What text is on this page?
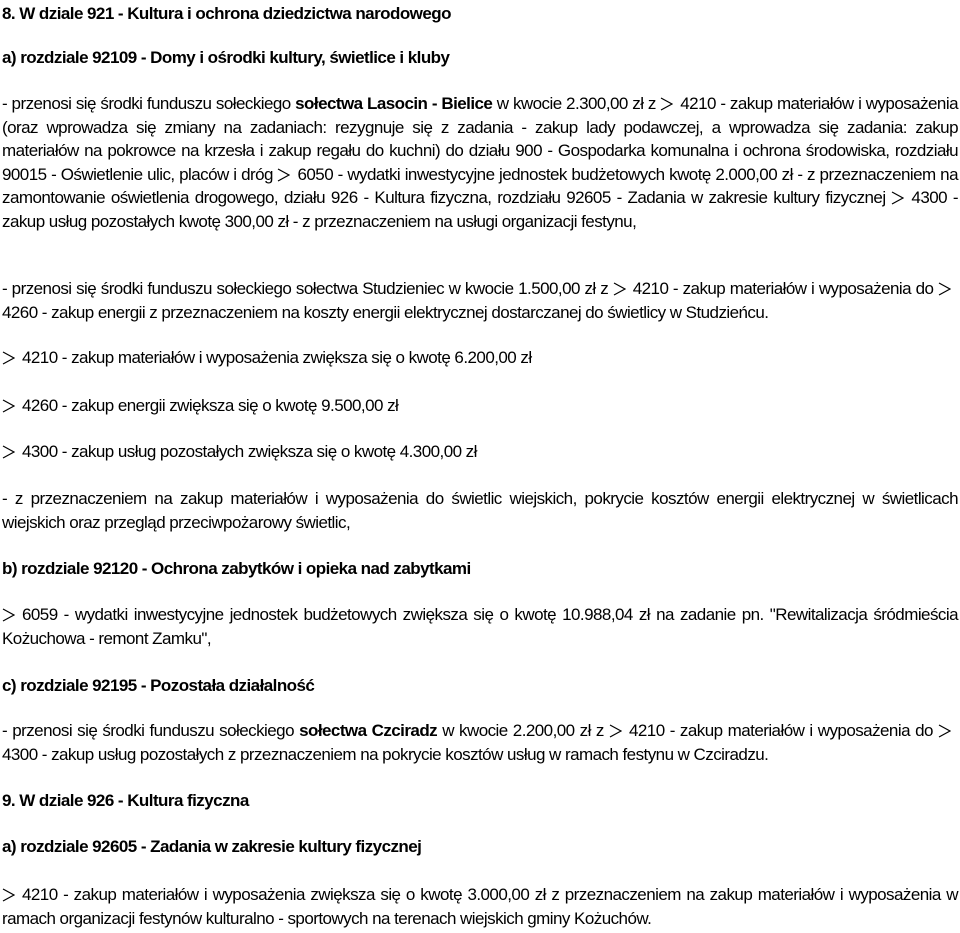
8. W dziale 921 - Kultura i ochrona dziedzictwa narodowego

a) rozdziale 92109 - Domy i ośrodki kultury, świetlice i kluby

- przenosi się środki funduszu sołeckiego sołectwa Lasocin - Bielice w kwocie 2.300,00 zł z 4210 - zakup materiałów i wyposażenia (oraz wprowadza się zmiany na zadaniach: rezygnuje się z zadania - zakup lady podawczej, a wprowadza się zadania: zakup materiałów na pokrowce na krzesła i zakup regału do kuchni) do działu 900 - Gospodarka komunalna i ochrona środowiska, rozdziału 90015 - Oświetlenie ulic, placów i dróg 6050 - wydatki inwestycyjne jednostek budżetowych kwotę 2.000,00 zł - z przeznaczeniem na zamontowanie oświetlenia drogowego, działu 926 - Kultura fizyczna, rozdziału 92605 - Zadania w zakresie kultury fizycznej 4300 - zakup usług pozostałych kwotę 300,00 zł - z przeznaczeniem na usługi organizacji festynu,

- przenosi się środki funduszu sołeckiego sołectwa Studzieniec w kwocie 1.500,00 zł z 4210 - zakup materiałów i wyposażenia do
4260 - zakup energii z przeznaczeniem na koszty energii elektrycznej dostarczanej do świetlicy w Studzieńcu.

4210 - zakup materiałów i wyposażenia zwiększa się o kwotę 6.200,00 zł

4260 - zakup energii zwiększa się o kwotę 9.500,00 zł

4300 - zakup usług pozostałych zwiększa się o kwotę 4.300,00 zł

- z przeznaczeniem na zakup materiałów i wyposażenia do świetlic wiejskich, pokrycie kosztów energii elektrycznej w świetlicach wiejskich oraz przegląd przeciwpożarowy świetlic,

b) rozdziale 92120 - Ochrona zabytków i opieka nad zabytkami

6059 - wydatki inwestycyjne jednostek budżetowych zwiększa się o kwotę 10.988,04 zł na zadanie pn. "Rewitalizacja śródmieścia Kożuchowa - remont Zamku",

c) rozdziale 92195 - Pozostała działalność

- przenosi się środki funduszu sołeckiego sołectwa Czciradz w kwocie 2.200,00 zł z 4210 - zakup materiałów i wyposażenia do
4300 - zakup usług pozostałych z przeznaczeniem na pokrycie kosztów usług w ramach festynu w Czciradzu.

9. W dziale 926 - Kultura fizyczna

a) rozdziale 92605 - Zadania w zakresie kultury fizycznej

4210 - zakup materiałów i wyposażenia zwiększa się o kwotę 3.000,00 zł z przeznaczeniem na zakup materiałów i wyposażenia w ramach organizacji festynów kulturalno - sportowych na terenach wiejskich gminy Kożuchów.
